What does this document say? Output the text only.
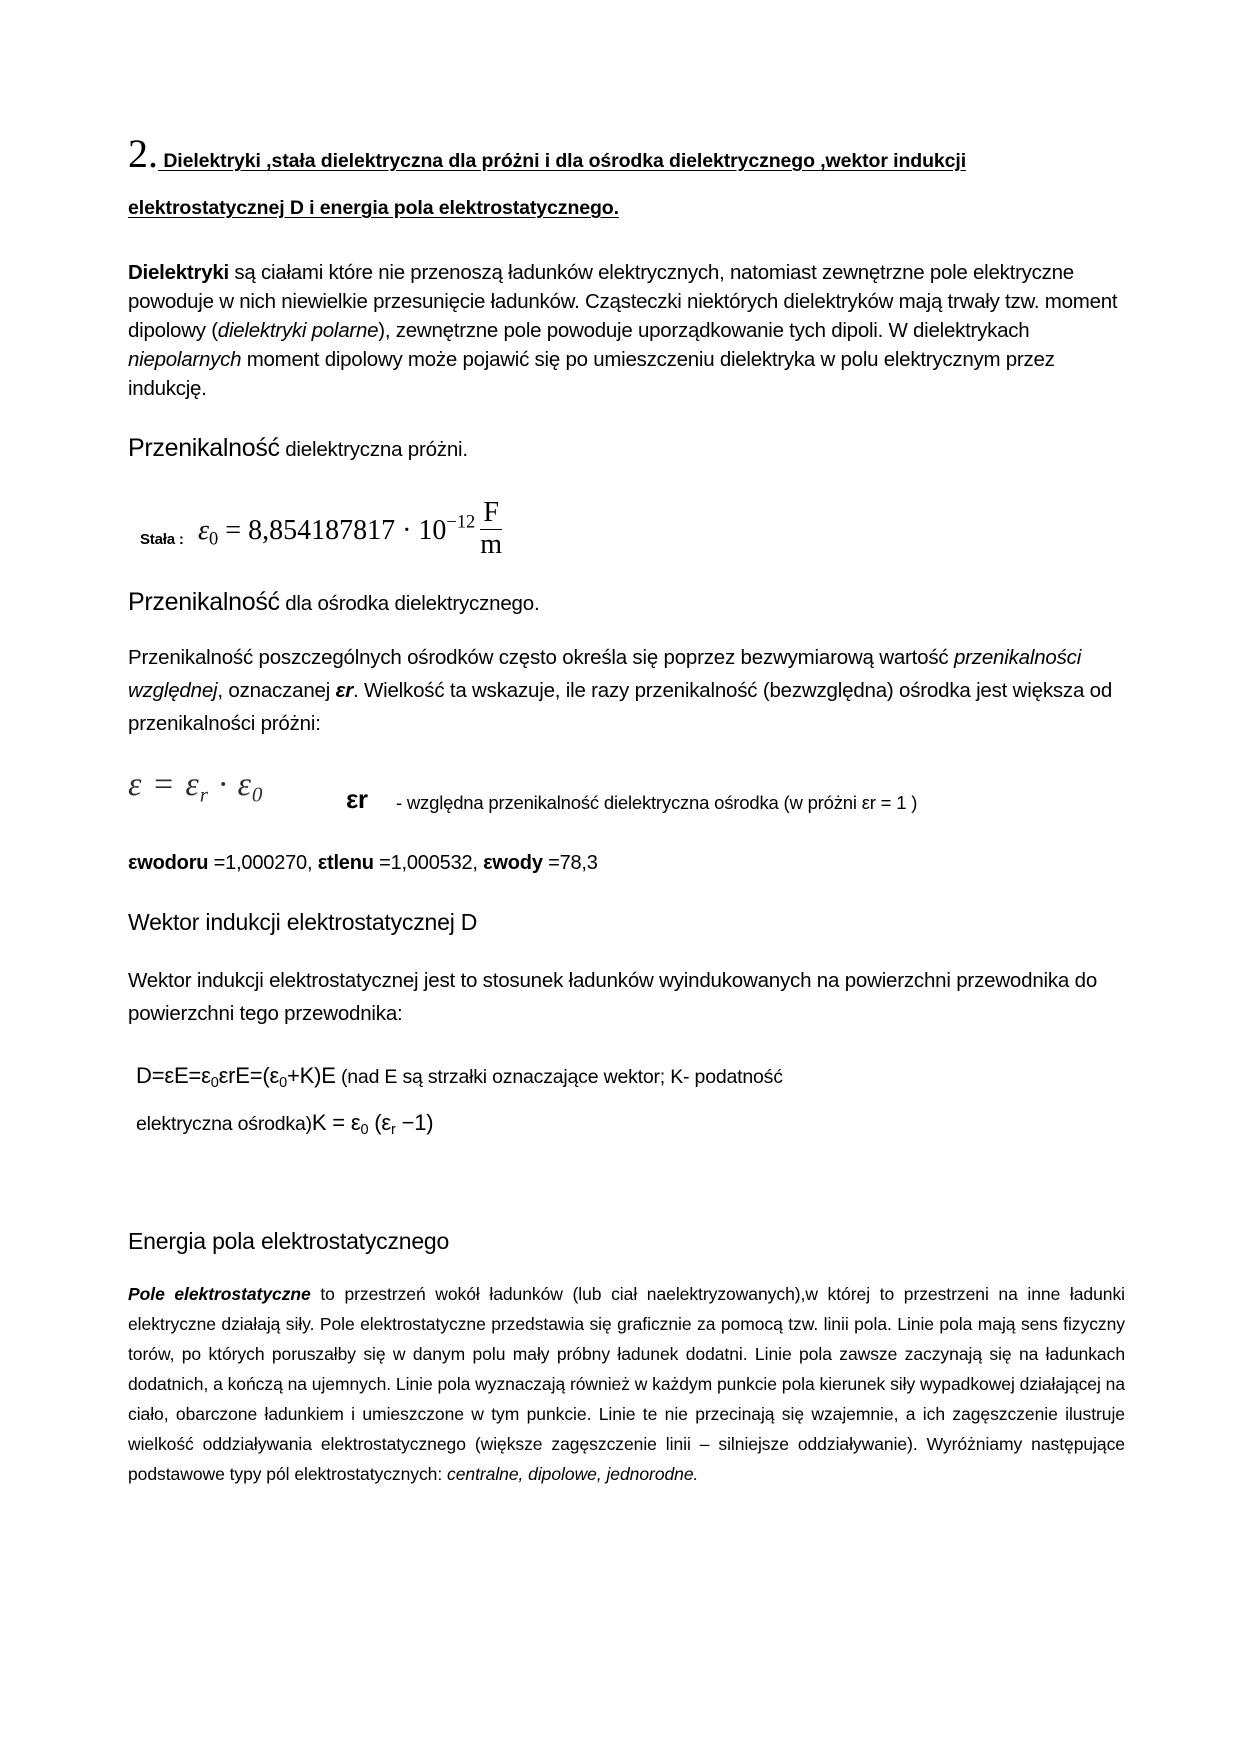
2. Dielektryki ,stała dielektryczna dla próżni i dla ośrodka dielektrycznego ,wektor indukcji
elektrostatycznej D i energia pola elektrostatycznego.

Dielektryki są ciałami które nie przenoszą ładunków elektrycznych, natomiast zewnętrzne pole elektryczne powoduje w nich niewielkie przesunięcie ładunków. Cząsteczki niektórych dielektryków mają trwały tzw. moment dipolowy (dielektryki polarne), zewnętrzne pole powoduje uporządkowanie tych dipoli. W dielektrykach niepolarnych moment dipolowy może pojawić się po umieszczeniu dielektryka w polu elektrycznym przez indukcję.

Przenikalność dielektryczna próżni.

Stała : $\varepsilon_0 = 8,854187817 \cdot 10^{-12} \frac{F}{m}$

Przenikalność dla ośrodka dielektrycznego.

Przenikalność poszczególnych ośrodków często określa się poprzez bezwymiarową wartość przenikalności względnej, oznaczanej εr. Wielkość ta wskazuje, ile razy przenikalność (bezwzględna) ośrodka jest większa od przenikalności próżni:

$\varepsilon = \varepsilon_r \cdot \varepsilon_0$	εr - względna przenikalność dielektryczna ośrodka (w próżni εr = 1 )

εwodoru =1,000270, εtlenu =1,000532, εwody =78,3

Wektor indukcji elektrostatycznej D

Wektor indukcji elektrostatycznej jest to stosunek ładunków wyindukowanych na powierzchni przewodnika do powierzchni tego przewodnika:

$D=\varepsilon E=\varepsilon_0\varepsilon rE=(\varepsilon_0+K)E$ (nad E są strzałki oznaczające wektor; K- podatność
elektryczna ośrodka)K = $\varepsilon_0$ $(\varepsilon_r -1)$

Energia pola elektrostatycznego

Pole elektrostatyczne to przestrzeń wokół ładunków (lub ciał naelektryzowanych),w której to przestrzeni na inne ładunki elektryczne działają siły. Pole elektrostatyczne przedstawia się graficznie za pomocą tzw. linii pola. Linie pola mają sens fizyczny torów, po których poruszałby się w danym polu mały próbny ładunek dodatni. Linie pola zawsze zaczynają się na ładunkach dodatnich, a kończą na ujemnych. Linie pola wyznaczają również w każdym punkcie pola kierunek siły wypadkowej działającej na ciało, obarczone ładunkiem i umieszczone w tym punkcie. Linie te nie przecinają się wzajemnie, a ich zagęszczenie ilustruje wielkość oddziaływania elektrostatycznego (większe zagęszczenie linii – silniejsze oddziaływanie). Wyróżniamy następujące podstawowe typy pól elektrostatycznych: centralne, dipolowe, jednorodne.
